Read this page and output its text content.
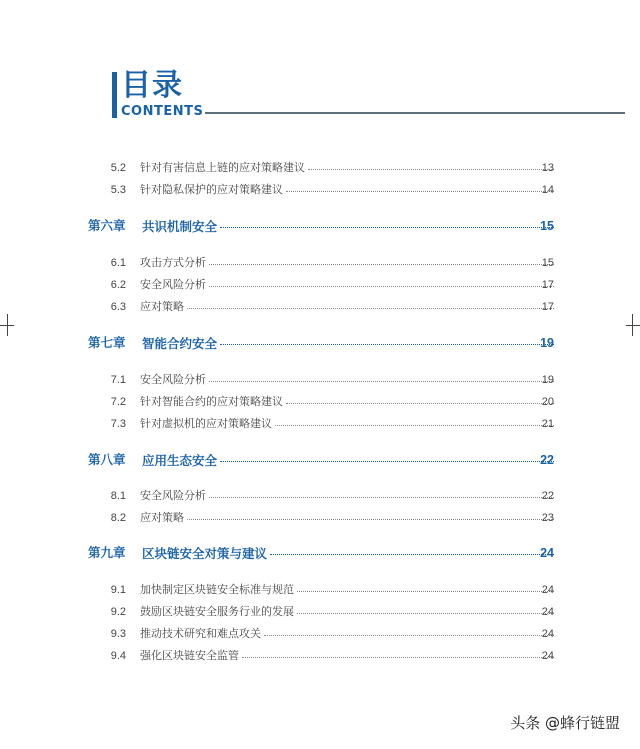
目录
CONTENTS
5.2 针对有害信息上链的应对策略建议	13
5.3 针对隐私保护的应对策略建议	14
第六章 共识机制安全	15
6.1 攻击方式分析	15
6.2 安全风险分析	17
6.3 应对策略	17
第七章 智能合约安全	19
7.1 安全风险分析	19
7.2 针对智能合约的应对策略建议	20
7.3 针对虚拟机的应对策略建议	21
第八章 应用生态安全	22
8.1 安全风险分析	22
8.2 应对策略	23
第九章 区块链安全对策与建议	24
9.1 加快制定区块链安全标准与规范	24
9.2 鼓励区块链安全服务行业的发展	24
9.3 推动技术研究和难点攻关	24
9.4 强化区块链安全监管	24
头条 @蜂行链盟
